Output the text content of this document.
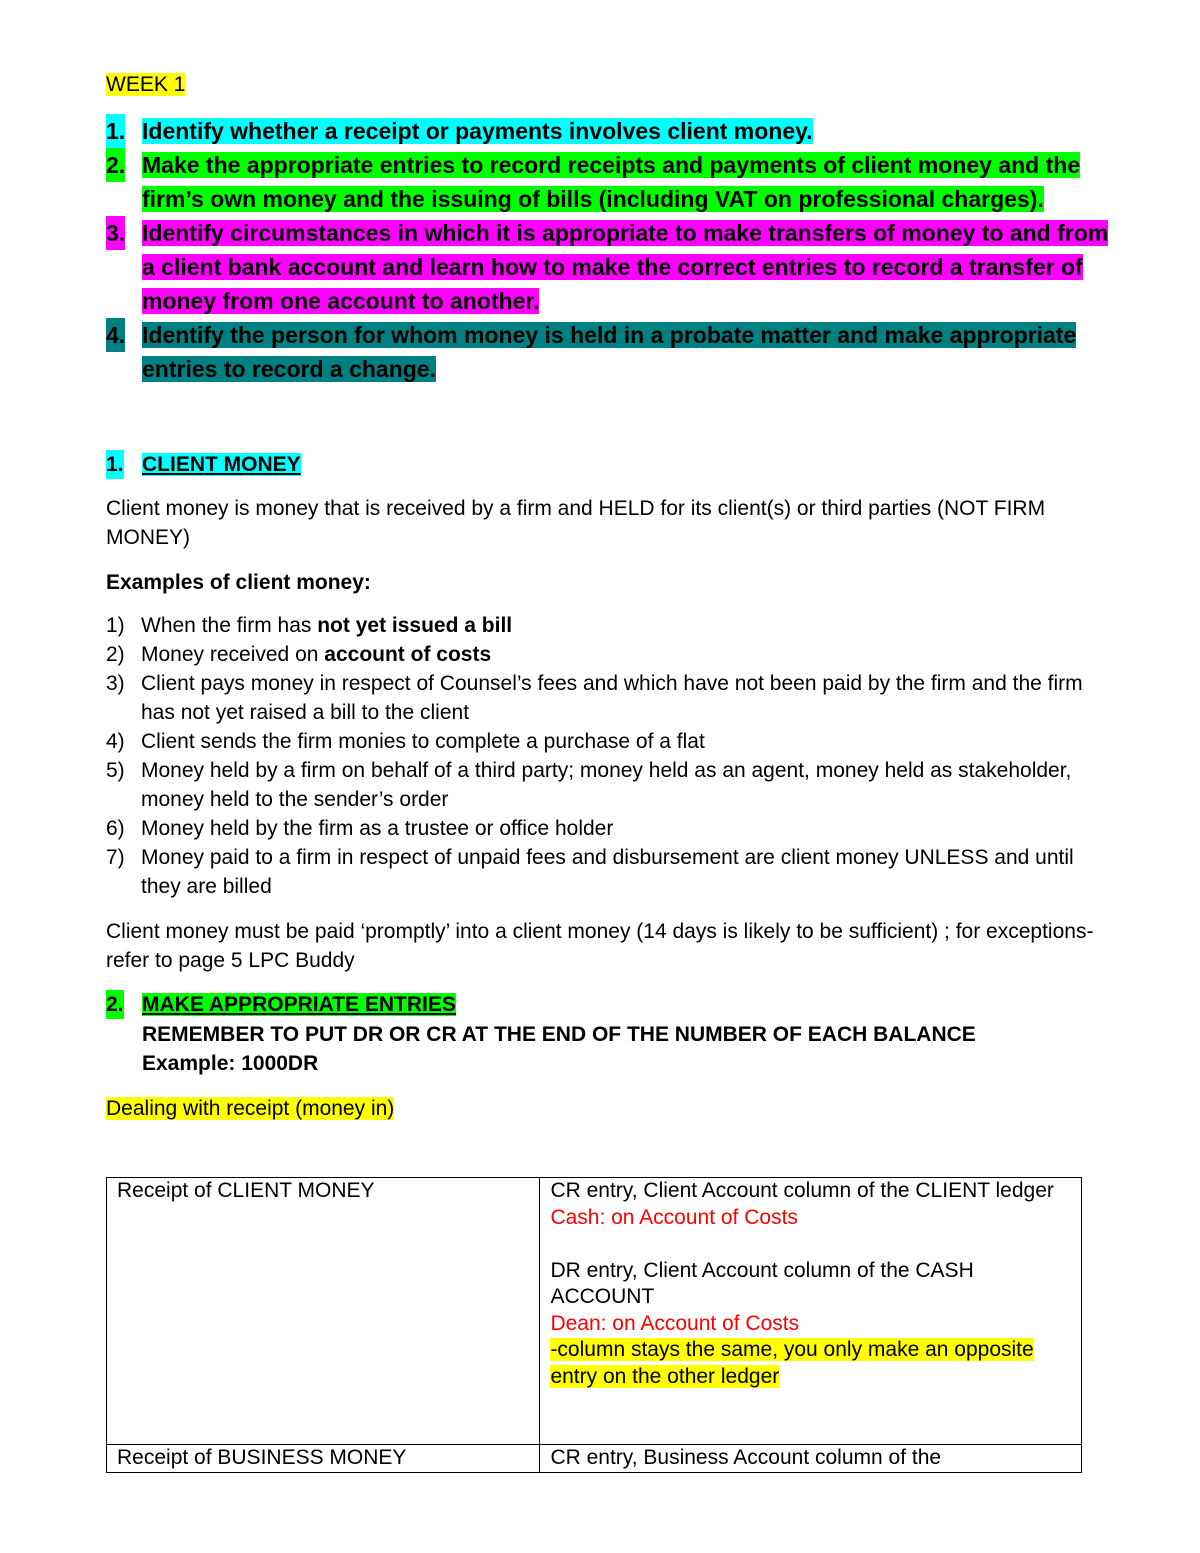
WEEK 1

1. Identify whether a receipt or payments involves client money.
2. Make the appropriate entries to record receipts and payments of client money and the firm’s own money and the issuing of bills (including VAT on professional charges).
3. Identify circumstances in which it is appropriate to make transfers of money to and from a client bank account and learn how to make the correct entries to record a transfer of money from one account to another.
4. Identify the person for whom money is held in a probate matter and make appropriate entries to record a change.

1. CLIENT MONEY

Client money is money that is received by a firm and HELD for its client(s) or third parties (NOT FIRM MONEY)

Examples of client money:

1) When the firm has not yet issued a bill
2) Money received on account of costs
3) Client pays money in respect of Counsel’s fees and which have not been paid by the firm and the firm has not yet raised a bill to the client
4) Client sends the firm monies to complete a purchase of a flat
5) Money held by a firm on behalf of a third party; money held as an agent, money held as stakeholder, money held to the sender’s order
6) Money held by the firm as a trustee or office holder
7) Money paid to a firm in respect of unpaid fees and disbursement are client money UNLESS and until they are billed

Client money must be paid ‘promptly’ into a client money (14 days is likely to be sufficient) ; for exceptions- refer to page 5 LPC Buddy

2. MAKE APPROPRIATE ENTRIES

REMEMBER TO PUT DR OR CR AT THE END OF THE NUMBER OF EACH BALANCE
Example: 1000DR

Dealing with receipt (money in)

Receipt of CLIENT MONEY	CR entry, Client Account column of the CLIENT ledger
Cash: on Account of Costs
DR entry, Client Account column of the CASH ACCOUNT
Dean: on Account of Costs
-column stays the same, you only make an opposite entry on the other ledger

Receipt of BUSINESS MONEY	CR entry, Business Account column of the
